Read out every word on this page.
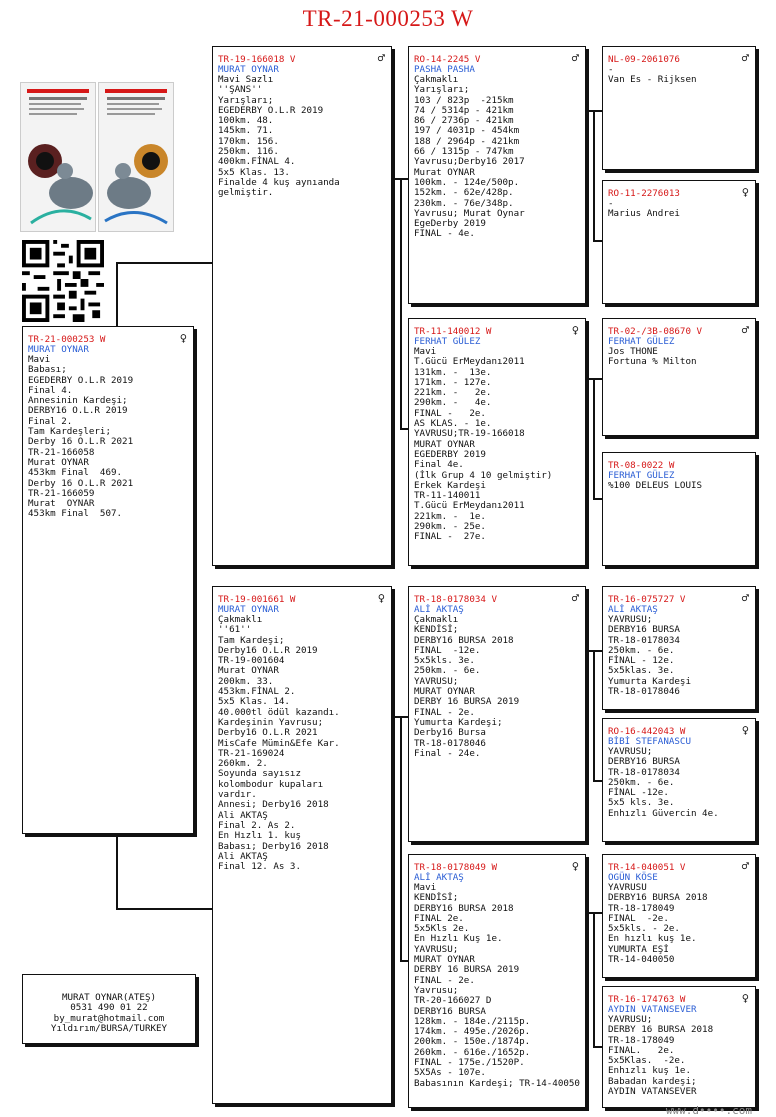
TR-21-000253 W
♀
TR-21-000253 W
MURAT OYNAR
Mavi
Babası;
EGEDERBY O.L.R 2019
Final 4.
Annesinin Kardeşi;
DERBY16 O.L.R 2019
Final 2.
Tam Kardeşleri;
Derby 16 O.L.R 2021
TR-21-166058
Murat OYNAR
453km Final  469.
Derby 16 O.L.R 2021
TR-21-166059
Murat  OYNAR
453km Final  507.
♂
TR-19-166018 V
MURAT OYNAR
Mavi Sazlı
''ŞANS''
Yarışları;
EGEDERBY O.L.R 2019
100km. 48.
145km. 71.
170km. 156.
250km. 116.
400km.FİNAL 4.
5x5 Klas. 13.
Finalde 4 kuş aynıanda
gelmiştir.
♀
TR-19-001661 W
MURAT OYNAR
Çakmaklı
''61''
Tam Kardeşi;
Derby16 O.L.R 2019
TR-19-001604
Murat OYNAR
200km. 33.
453km.FİNAL 2.
5x5 Klas. 14.
40.000tl ödül kazandı.
Kardeşinin Yavrusu;
Derby16 O.L.R 2021
MisCafe Mümin&Efe Kar.
TR-21-169024
260km. 2.
Soyunda sayısız
kolombodur kupaları
vardır.
Annesi; Derby16 2018
Ali AKTAŞ
Final 2. As 2.
En Hızlı 1. kuş
Babası; Derby16 2018
Ali AKTAŞ
Final 12. As 3.
♂
RO-14-2245 V
PASHA PASHA
Çakmaklı
Yarışları;
103 / 823p  -215km
74 / 5314p - 421km
86 / 2736p - 421km
197 / 4031p - 454km
188 / 2964p - 421km
66 / 1315p - 747km
Yavrusu;Derby16 2017
Murat OYNAR
100km. - 124e/500p.
152km. - 62e/428p.
230km. - 76e/348p.
Yavrusu; Murat Oynar
EgeDerby 2019
FINAL - 4e.
♀
TR-11-140012 W
FERHAT GÜLEZ
Mavi
T.Gücü ErMeydanı2011
131km. -  13e.
171km. - 127e.
221km. -   2e.
290km. -   4e.
FINAL -   2e.
AS KLAS. - 1e.
YAVRUSU;TR-19-166018
MURAT OYNAR
EGEDERBY 2019
Final 4e.
(İlk Grup 4 10 gelmiştir)
Erkek Kardeşi
TR-11-140011
T.Gücü ErMeydanı2011
221km. -  1e.
290km. - 25e.
FINAL -  27e.
♂
TR-18-0178034 V
ALİ AKTAŞ
Çakmaklı
KENDİSİ;
DERBY16 BURSA 2018
FINAL  -12e.
5x5kls. 3e.
250km. - 6e.
YAVRUSU;
MURAT OYNAR
DERBY 16 BURSA 2019
FINAL - 2e.
Yumurta Kardeşi;
Derby16 Bursa
TR-18-0178046
Final - 24e.
♀
TR-18-0178049 W
ALİ AKTAŞ
Mavi
KENDİSİ;
DERBY16 BURSA 2018
FINAL 2e.
5x5Kls 2e.
En Hızlı Kuş 1e.
YAVRUSU;
MURAT OYNAR
DERBY 16 BURSA 2019
FINAL - 2e.
Yavrusu;
TR-20-166027 D
DERBY16 BURSA
128km. - 184e./2115p.
174km. - 495e./2026p.
200km. - 150e./1874p.
260km. - 616e./1652p.
FINAL - 175e./1520P.
5X5As - 107e.
Babasının Kardeşi; TR-14-40050
♂
NL-09-2061076
-
Van Es - Rijksen
♀
RO-11-2276013
-
Marius Andrei
♂
TR-02-/3B-08670 V
FERHAT GÜLEZ
Jos THONE
Fortuna % Milton
TR-08-0022 W
FERHAT GÜLEZ
%100 DELEUS LOUIS
♂
TR-16-075727 V
ALİ AKTAŞ
YAVRUSU;
DERBY16 BURSA
TR-18-0178034
250km. - 6e.
FİNAL - 12e.
5x5klas. 3e.
Yumurta Kardeşi
TR-18-0178046
♀
RO-16-442043 W
BİBİ STEFANASCU
YAVRUSU;
DERBY16 BURSA
TR-18-0178034
250km. - 6e.
FİNAL -12e.
5x5 kls. 3e.
Enhızlı Güvercin 4e.
♂
TR-14-040051 V
OGÜN KÖSE
YAVRUSU
DERBY16 BURSA 2018
TR-18-178049
FINAL  -2e.
5x5kls. - 2e.
En hızlı kuş 1e.
YUMURTA EŞİ
TR-14-040050
♀
TR-16-174763 W
AYDIN VATANSEVER
YAVRUSU;
DERBY 16 BURSA 2018
TR-18-178049
FINAL.   2e.
5x5Klas.  -2e.
Enhızlı kuş 1e.
Babadan kardeşi;
AYDIN VATANSEVER
MURAT OYNAR(ATEŞ)
0531 490 01 22
by_murat@hotmail.com
Yıldırım/BURSA/TURKEY
www.d••••.com
